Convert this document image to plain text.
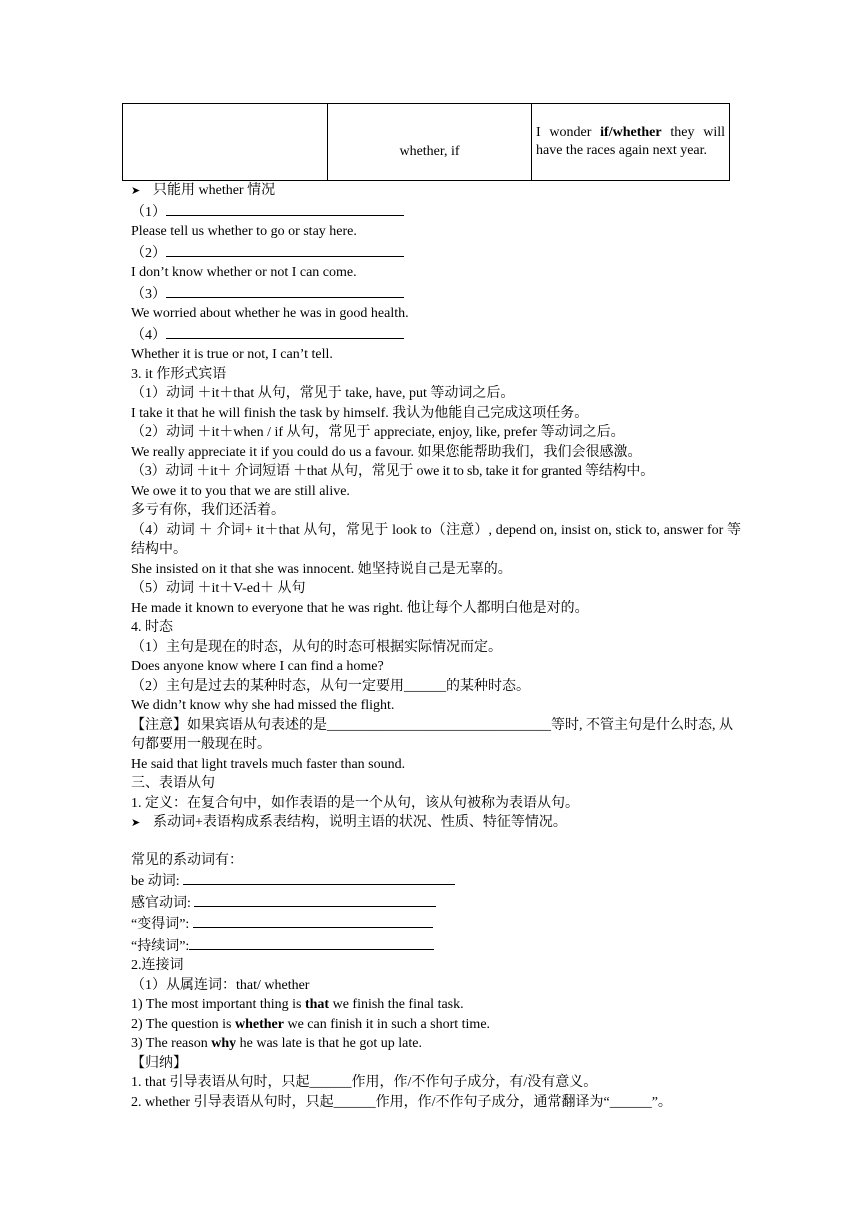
	whether, if	I wonder if/whether they will have the races again next year.
➤ 只能用 whether 情况
（1）
Please tell us whether to go or stay here.
（2）
I don’t know whether or not I can come.
（3）
We worried about whether he was in good health.
（4）
Whether it is true or not, I can’t tell.
3. it 作形式宾语
（1）动词 ＋it＋that 从句，常见于 take, have, put 等动词之后。
I take it that he will finish the task by himself. 我认为他能自己完成这项任务。
（2）动词 ＋it＋when / if 从句，常见于 appreciate, enjoy, like, prefer 等动词之后。
We really appreciate it if you could do us a favour. 如果您能帮助我们，我们会很感激。
（3）动词 ＋it＋ 介词短语 ＋that 从句，常见于 owe it to sb, take it for granted 等结构中。
We owe it to you that we are still alive.
多亏有你，我们还活着。
（4）动词 ＋ 介词+ it＋that 从句，常见于 look to（注意）, depend on, insist on, stick to, answer for 等结构中。
She insisted on it that she was innocent. 她坚持说自己是无辜的。
（5）动词 ＋it＋V-ed＋ 从句
He made it known to everyone that he was right. 他让每个人都明白他是对的。
4. 时态
（1）主句是现在的时态，从句的时态可根据实际情况而定。
Does anyone know where I can find a home?
（2）主句是过去的某种时态，从句一定要用______的某种时态。
We didn’t know why she had missed the flight.
【注意】如果宾语从句表述的是________________________________等时, 不管主句是什么时态, 从句都要用一般现在时。
He said that light travels much faster than sound.
三、表语从句
1. 定义：在复合句中，如作表语的是一个从句，该从句被称为表语从句。
➤ 系动词+表语构成系表结构，说明主语的状况、性质、特征等情况。
常见的系动词有：
be 动词:
感官动词:
“变得词”:
“持续词”:
2.连接词
（1）从属连词：that/ whether
1) The most important thing is that we finish the final task.
2) The question is whether we can finish it in such a short time.
3) The reason why he was late is that he got up late.
【归纳】
1. that 引导表语从句时，只起______作用，作/不作句子成分，有/没有意义。
2. whether 引导表语从句时，只起______作用，作/不作句子成分，通常翻译为“______”。
